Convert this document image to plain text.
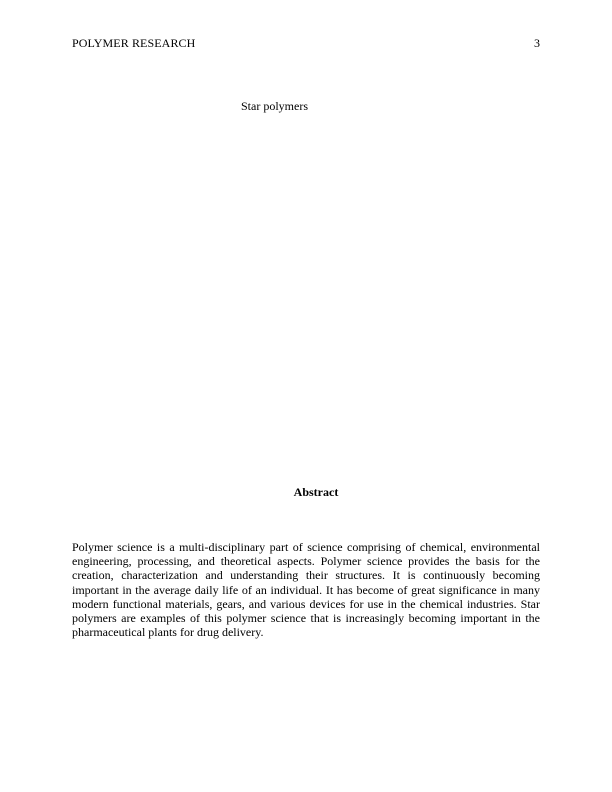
POLYMER RESEARCH	3
Star polymers
Abstract
Polymer science is a multi-disciplinary part of science comprising of chemical, environmental engineering, processing, and theoretical aspects. Polymer science provides the basis for the creation, characterization and understanding their structures. It is continuously becoming important in the average daily life of an individual. It has become of great significance in many modern functional materials, gears, and various devices for use in the chemical industries. Star polymers are examples of this polymer science that is increasingly becoming important in the pharmaceutical plants for drug delivery.
